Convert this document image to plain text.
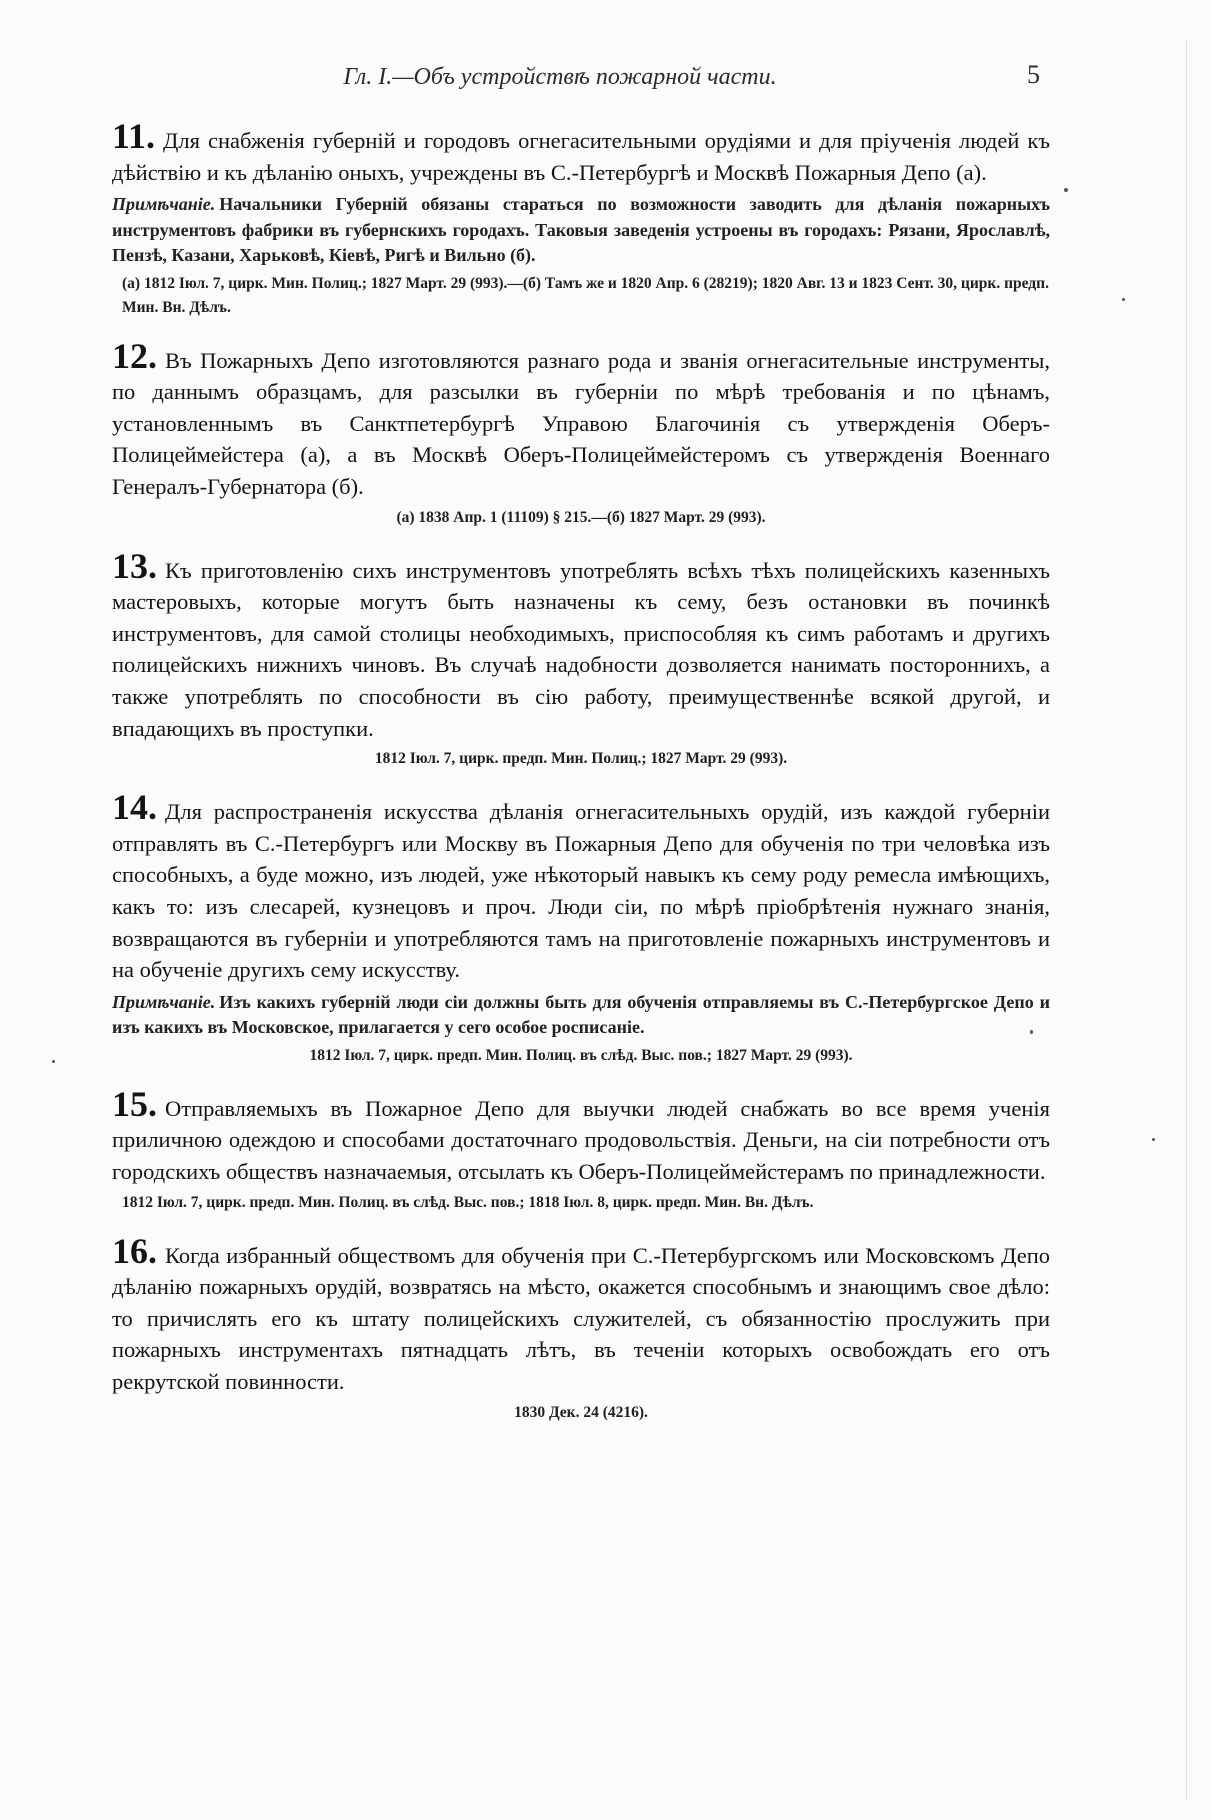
Гл. I.—Объ устройствѣ пожарной части.	5

11. Для снабженія губерній и городовъ огнегасительными орудіями и для пріученія людей къ дѣйствію и къ дѣланію оныхъ, учреждены въ С.-Петербургѣ и Москвѣ Пожарныя Депо (а).

Примѣчаніе. Начальники Губерній обязаны стараться по возможности заводить для дѣланія пожарныхъ инструментовъ фабрики въ губернскихъ городахъ. Таковыя заведенія устроены въ городахъ: Рязани, Ярославлѣ, Пензѣ, Казани, Харьковѣ, Кіевѣ, Ригѣ и Вильно (б).

(а) 1812 Іюл. 7, цирк. Мин. Полиц.; 1827 Март. 29 (993).—(б) Тамъ же и 1820 Апр. 6 (28219); 1820 Авг. 13 и 1823 Сент. 30, цирк. предп. Мин. Вн. Дѣлъ.

12. Въ Пожарныхъ Депо изготовляются разнаго рода и званія огнегасительные инструменты, по даннымъ образцамъ, для разсылки въ губерніи по мѣрѣ требованія и по цѣнамъ, установленнымъ въ Санктпетербургѣ Управою Благочинія съ утвержденія Оберъ-Полицеймейстера (а), а въ Москвѣ Оберъ-Полицеймейстеромъ съ утвержденія Военнаго Генералъ-Губернатора (б).

(а) 1838 Апр. 1 (11109) § 215.—(б) 1827 Март. 29 (993).

13. Къ приготовленію сихъ инструментовъ употреблять всѣхъ тѣхъ полицейскихъ казенныхъ мастеровыхъ, которые могутъ быть назначены къ сему, безъ остановки въ починкѣ инструментовъ, для самой столицы необходимыхъ, приспособляя къ симъ работамъ и другихъ полицейскихъ нижнихъ чиновъ. Въ случаѣ надобности дозволяется нанимать постороннихъ, а также употреблять по способности въ сію работу, преимущественнѣе всякой другой, и впадающихъ въ проступки.

1812 Іюл. 7, цирк. предп. Мин. Полиц.; 1827 Март. 29 (993).

14. Для распространенія искусства дѣланія огнегасительныхъ орудій, изъ каждой губерніи отправлять въ С.-Петербургъ или Москву въ Пожарныя Депо для обученія по три человѣка изъ способныхъ, а буде можно, изъ людей, уже нѣкоторый навыкъ къ сему роду ремесла имѣющихъ, какъ то: изъ слесарей, кузнецовъ и проч. Люди сіи, по мѣрѣ пріобрѣтенія нужнаго знанія, возвращаются въ губерніи и употребляются тамъ на приготовленіе пожарныхъ инструментовъ и на обученіе другихъ сему искусству.

Примѣчаніе. Изъ какихъ губерній люди сіи должны быть для обученія отправляемы въ С.-Петербургское Депо и изъ какихъ въ Московское, прилагается у сего особое росписаніе.

1812 Іюл. 7, цирк. предп. Мин. Полиц. въ слѣд. Выс. пов.; 1827 Март. 29 (993).

15. Отправляемыхъ въ Пожарное Депо для выучки людей снабжать во все время ученія приличною одеждою и способами достаточнаго продовольствія. Деньги, на сіи потребности отъ городскихъ обществъ назначаемыя, отсылать къ Оберъ-Полицеймейстерамъ по принадлежности.

1812 Іюл. 7, цирк. предп. Мин. Полиц. въ слѣд. Выс. пов.; 1818 Іюл. 8, цирк. предп. Мин. Вн. Дѣлъ.

16. Когда избранный обществомъ для обученія при С.-Петербургскомъ или Московскомъ Депо дѣланію пожарныхъ орудій, возвратясь на мѣсто, окажется способнымъ и знающимъ свое дѣло: то причислять его къ штату полицейскихъ служителей, съ обязанностію прослужить при пожарныхъ инструментахъ пятнадцать лѣтъ, въ теченіи которыхъ освобождать его отъ рекрутской повинности.

1830 Дек. 24 (4216).
